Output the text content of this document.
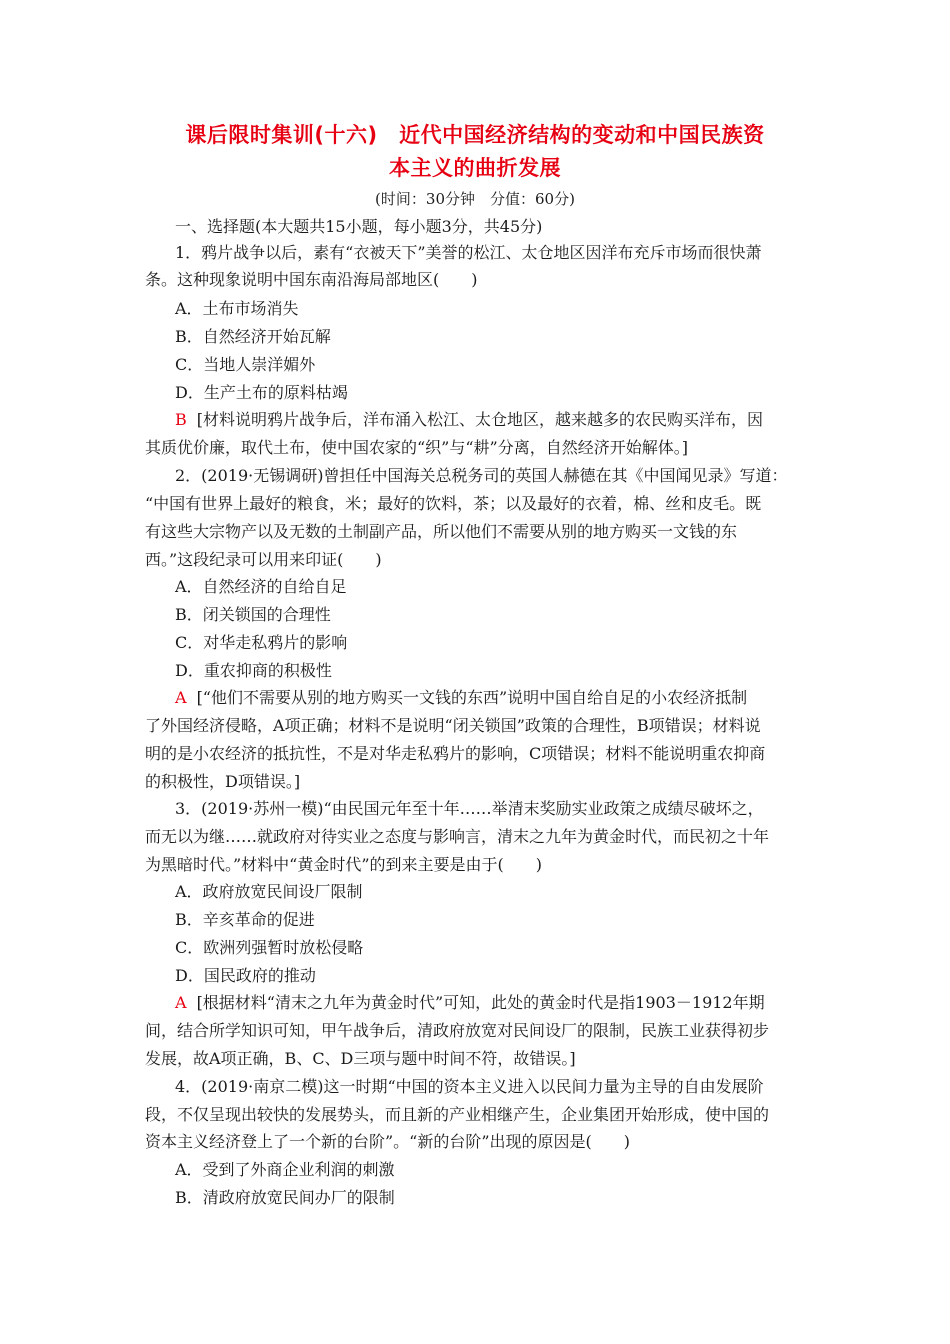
课后限时集训(十六)　近代中国经济结构的变动和中国民族资
本主义的曲折发展
(时间：30分钟　分值：60分)
一、选择题(本大题共15小题，每小题3分，共45分)
1．鸦片战争以后，素有“衣被天下”美誉的松江、太仓地区因洋布充斥市场而很快萧
条。这种现象说明中国东南沿海局部地区(　　)
A．土布市场消失
B．自然经济开始瓦解
C．当地人崇洋媚外
D．生产土布的原料枯竭
B [材料说明鸦片战争后，洋布涌入松江、太仓地区，越来越多的农民购买洋布，因
其质优价廉，取代土布，使中国农家的“织”与“耕”分离，自然经济开始解体。]
2．(2019·无锡调研)曾担任中国海关总税务司的英国人赫德在其《中国闻见录》写道：
“中国有世界上最好的粮食，米；最好的饮料，茶；以及最好的衣着，棉、丝和皮毛。既
有这些大宗物产以及无数的土制副产品，所以他们不需要从别的地方购买一文钱的东
西。”这段纪录可以用来印证(　　)
A．自然经济的自给自足
B．闭关锁国的合理性
C．对华走私鸦片的影响
D．重农抑商的积极性
A [“他们不需要从别的地方购买一文钱的东西”说明中国自给自足的小农经济抵制
了外国经济侵略，A项正确；材料不是说明“闭关锁国”政策的合理性，B项错误；材料说
明的是小农经济的抵抗性，不是对华走私鸦片的影响，C项错误；材料不能说明重农抑商
的积极性，D项错误。]
3．(2019·苏州一模)“由民国元年至十年……举清末奖励实业政策之成绩尽破坏之，
而无以为继……就政府对待实业之态度与影响言，清末之九年为黄金时代，而民初之十年
为黑暗时代。”材料中“黄金时代”的到来主要是由于(　　)
A．政府放宽民间设厂限制
B．辛亥革命的促进
C．欧洲列强暂时放松侵略
D．国民政府的推动
A [根据材料“清末之九年为黄金时代”可知，此处的黄金时代是指1903－1912年期
间，结合所学知识可知，甲午战争后，清政府放宽对民间设厂的限制，民族工业获得初步
发展，故A项正确，B、C、D三项与题中时间不符，故错误。]
4．(2019·南京二模)这一时期“中国的资本主义进入以民间力量为主导的自由发展阶
段，不仅呈现出较快的发展势头，而且新的产业相继产生，企业集团开始形成，使中国的
资本主义经济登上了一个新的台阶”。“新的台阶”出现的原因是(　　)
A．受到了外商企业利润的刺激
B．清政府放宽民间办厂的限制
